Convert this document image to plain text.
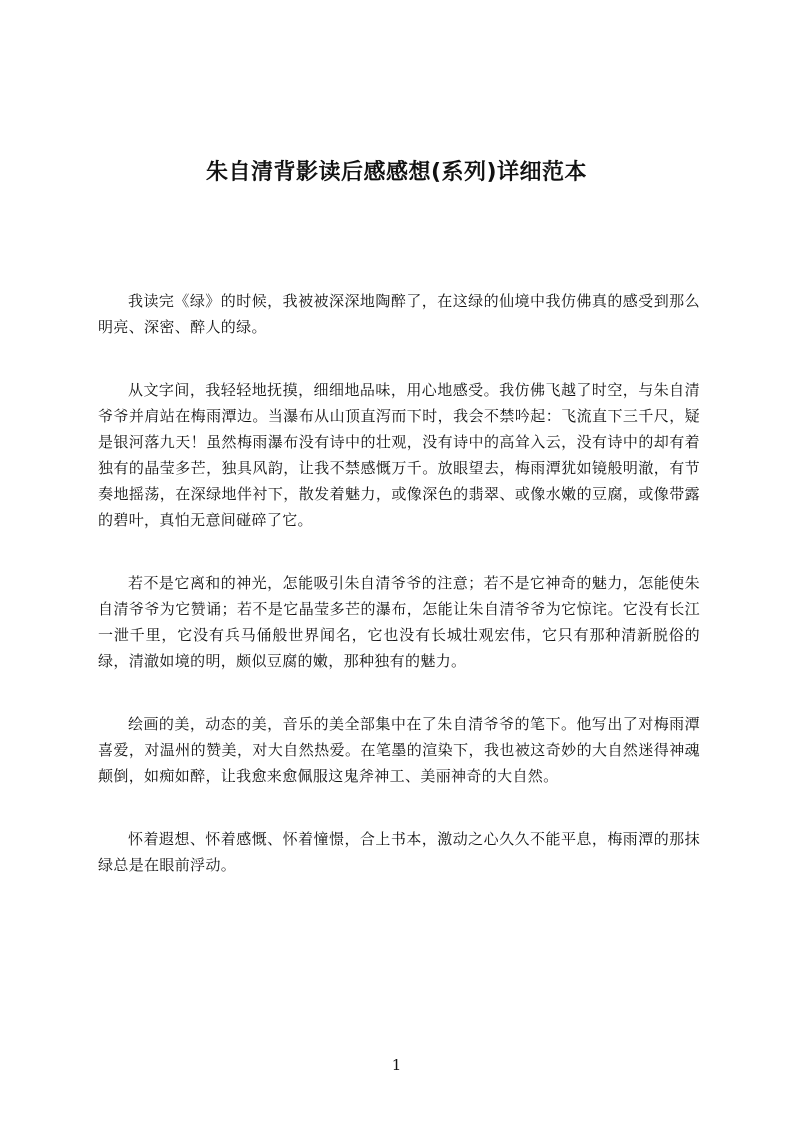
朱自清背影读后感感想(系列)详细范本

我读完《绿》的时候，我被被深深地陶醉了，在这绿的仙境中我仿佛真的感受到那么明亮、深密、醉人的绿。

从文字间，我轻轻地抚摸，细细地品味，用心地感受。我仿佛飞越了时空，与朱自清爷爷并肩站在梅雨潭边。当瀑布从山顶直泻而下时，我会不禁吟起：飞流直下三千尺，疑是银河落九天！虽然梅雨瀑布没有诗中的壮观，没有诗中的高耸入云，没有诗中的却有着独有的晶莹多芒，独具风韵，让我不禁感慨万千。放眼望去，梅雨潭犹如镜般明澈，有节奏地摇荡，在深绿地伴衬下，散发着魅力，或像深色的翡翠、或像水嫩的豆腐，或像带露的碧叶，真怕无意间碰碎了它。

若不是它离和的神光，怎能吸引朱自清爷爷的注意；若不是它神奇的魅力，怎能使朱自清爷爷为它赞诵；若不是它晶莹多芒的瀑布，怎能让朱自清爷爷为它惊诧。它没有长江一泄千里，它没有兵马俑般世界闻名，它也没有长城壮观宏伟，它只有那种清新脱俗的绿，清澈如境的明，颇似豆腐的嫩，那种独有的魅力。

绘画的美，动态的美，音乐的美全部集中在了朱自清爷爷的笔下。他写出了对梅雨潭喜爱，对温州的赞美，对大自然热爱。在笔墨的渲染下，我也被这奇妙的大自然迷得神魂颠倒，如痴如醉，让我愈来愈佩服这鬼斧神工、美丽神奇的大自然。

怀着遐想、怀着感慨、怀着憧憬，合上书本，激动之心久久不能平息，梅雨潭的那抹绿总是在眼前浮动。

1
